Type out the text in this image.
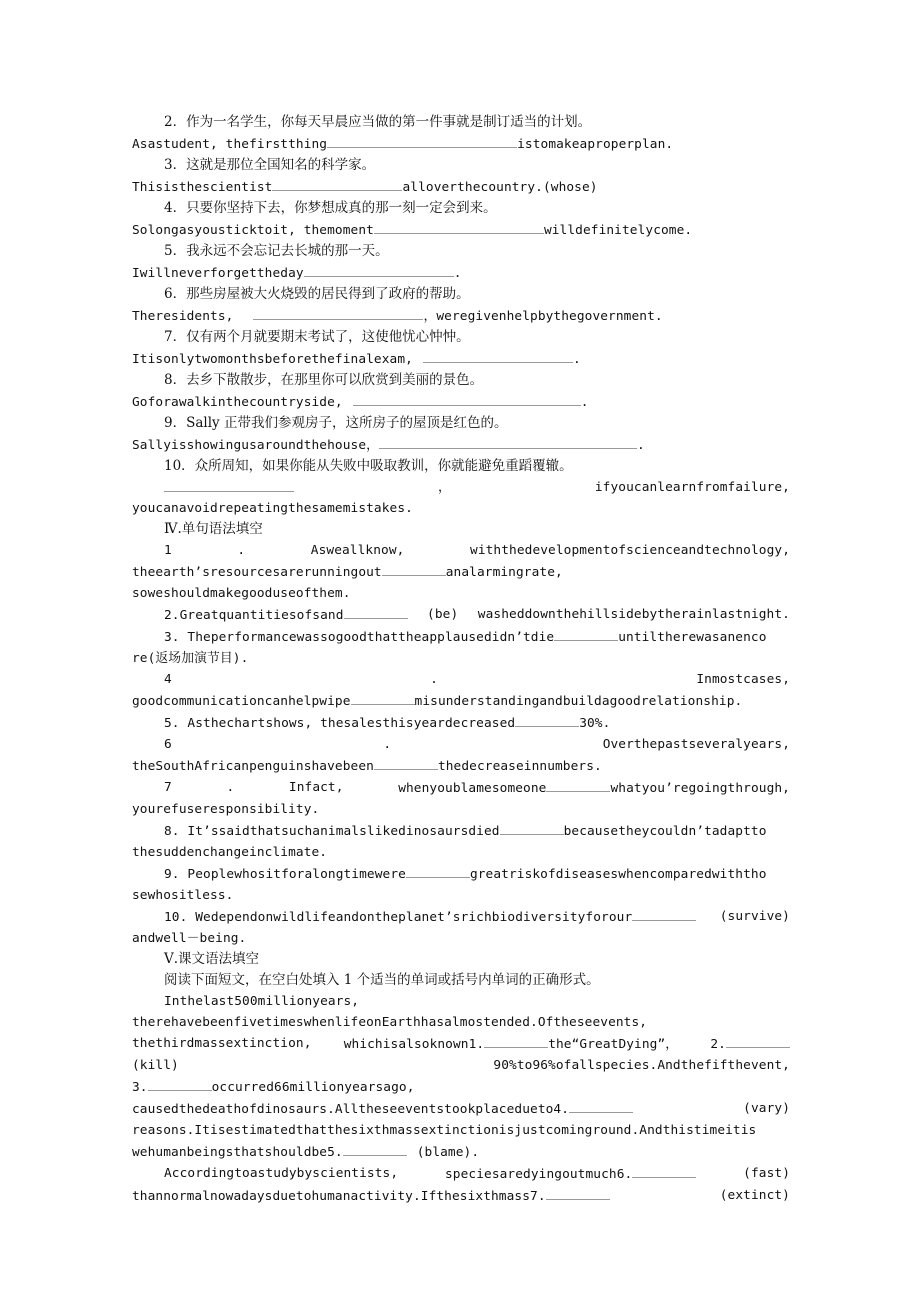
2．作为一名学生，你每天早晨应当做的第一件事就是制订适当的计划。

Asastudent, thefirstthing	istomakeaproperplan.

3．这就是那位全国知名的科学家。

Thisisthescientist	alloverthecountry.(whose)

4．只要你坚持下去，你梦想成真的那一刻一定会到来。

Solongasyousticktoit, themoment	willdefinitelycome.

5．我永远不会忘记去长城的那一天。

Iwillneverforgettheday	.

6．那些房屋被大火烧毁的居民得到了政府的帮助。

Theresidents,	，weregivenhelpbythegovernment.

7．仅有两个月就要期末考试了，这使他忧心忡忡。

Itisonlytwomonthsbeforethefinalexam,	.

8．去乡下散散步，在那里你可以欣赏到美丽的景色。

Goforawalkinthecountryside,	.

9．Sally 正带我们参观房子，这所房子的屋顶是红色的。

Sallyisshowingusaroundthehouse，	.

10．众所周知，如果你能从失败中吸取教训，你就能避免重蹈覆辙。

，	ifyoucanlearnfromfailure,

youcanavoidrepeatingthesamemistakes.

Ⅳ.单句语法填空

1	.	Asweallknow,	withthedevelopmentofscienceandtechnology,

theearth’sresourcesarerunningout	analarmingrate,

soweshouldmakegooduseofthem.

2.Greatquantitiesofsand	(be) washeddownthehillsidebytherainlastnight.

3. Theperformancewassogoodthattheapplausedidn’tdie	untiltherewasanenco

re(返场加演节目).

4	.	Inmostcases,

goodcommunicationcanhelpwipe	misunderstandingandbuildagoodrelationship.

5. Asthechartshows, thesalesthisyeardecreased	30%.

6	.	Overthepastseveralyears,

theSouthAfricanpenguinshavebeen	thedecreaseinnumbers.

7	.	Infact,	whenyoublamesomeone	whatyou’regoingthrough,

yourefuseresponsibility.

8. It’ssaidthatsuchanimalslikedinosaursdied	becausetheycouldn’tadaptto

thesuddenchangeinclimate.

9. Peoplewhositforalongtimewere	greatriskofdiseaseswhencomparedwiththo

sewhositless.

10. Wedependonwildlifeandontheplanet’srichbiodiversityforour	(survive)

andwell－being.

Ⅴ.课文语法填空

阅读下面短文，在空白处填入 1 个适当的单词或括号内单词的正确形式。

Inthelast500millionyears,

therehavebeenfivetimeswhenlifeonEarthhasalmostended.Oftheseevents,

thethirdmassextinction,	whichisalsoknown1.	the“GreatDying”，	2.

(kill)	90%to96%ofallspecies.Andthefifthevent,

3.	occurred66millionyearsago,

causedthedeathofdinosaurs.Alltheseeventstookplacedueto4.	(vary)

reasons.Itisestimatedthatthesixthmassextinctionisjustcominground.Andthistimeitis

wehumanbeingsthatshouldbe5.	(blame).

Accordingtoastudybyscientists,	speciesaredyingoutmuch6.	(fast)

thannormalnowadaysduetohumanactivity.Ifthesixthmass7.	(extinct)
